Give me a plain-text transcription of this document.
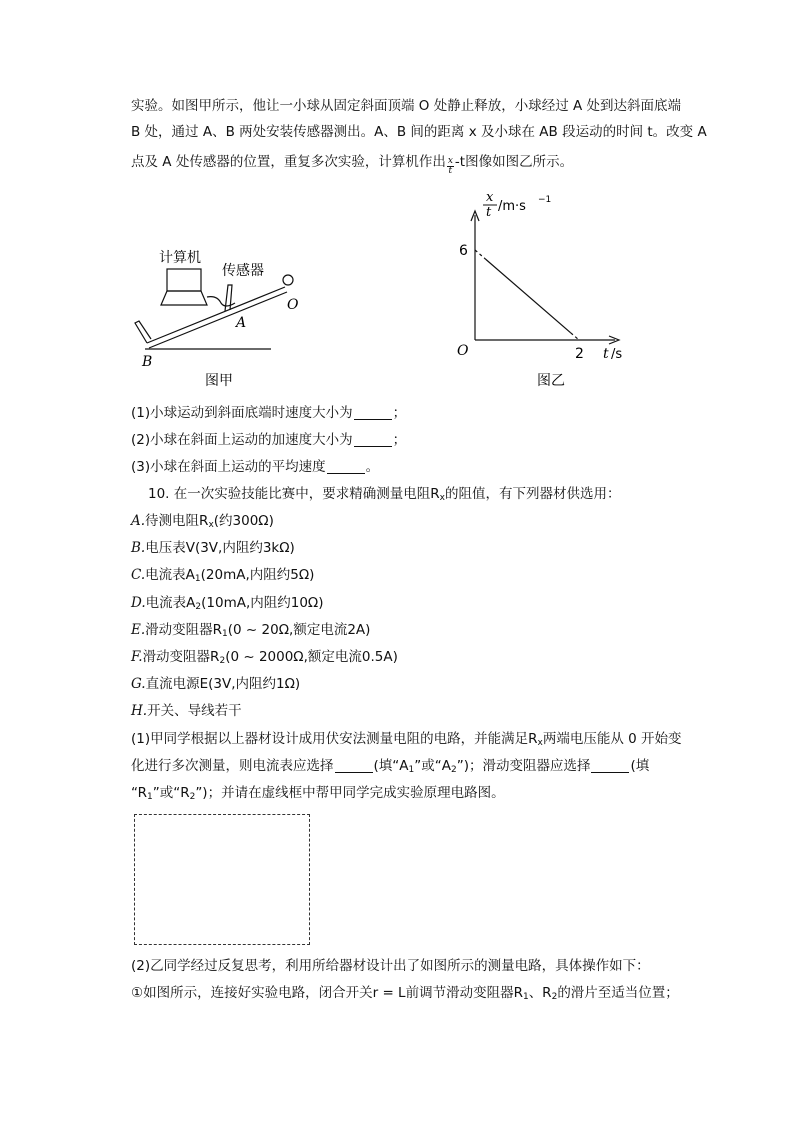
实验。如图甲所示，他让一小球从固定斜面顶端 O 处静止释放，小球经过 A 处到达斜面底端
B 处，通过 A、B 两处安装传感器测出。A、B 间的距离 x 及小球在 AB 段运动的时间 t。改变 A
点及 A 处传感器的位置，重复多次实验，计算机作出 $\frac{x}{t} -t$图像如图乙所示。
计算机
传感器
A
B
O
图甲
x
t /m·s −1
6
2
O	t /s
图乙
(1)小球运动到斜面底端时速度大小为	；
(2)小球在斜面上运动的加速度大小为	；
(3)小球在斜面上运动的平均速度	。
10. 在一次实验技能比赛中，要求精确测量电阻$R_x$的阻值，有下列器材供选用：
A.待测电阻$R_x$(约300Ω)
B.电压表V(3V,内阻约3kΩ)
C.电流表$A_1(20mA$,内阻约5Ω)
D.电流表$A_2(10mA$,内阻约10Ω)
E.滑动变阻器$R_1(0$ ~ 20Ω,额定电流2A)
F.滑动变阻器$R_2(0$ ~ 2000Ω,额定电流0.5A)
G.直流电源E(3V,内阻约1Ω)
H.开关、导线若干
(1)甲同学根据以上器材设计成用伏安法测量电阻的电路，并能满足$R_x$两端电压能从 0 开始变
化进行多次测量，则电流表应选择	(填“$A_1$”或“$A_2$”)；滑动变阻器应选择	(填
“$R_1$”或“$R_2$”)；并请在虚线框中帮甲同学完成实验原理电路图。
(2)乙同学经过反复思考，利用所给器材设计出了如图所示的测量电路，具体操作如下：
①如图所示，连接好实验电路，闭合开关r = L前调节滑动变阻器$R_1$、$R_2$的滑片至适当位置；
